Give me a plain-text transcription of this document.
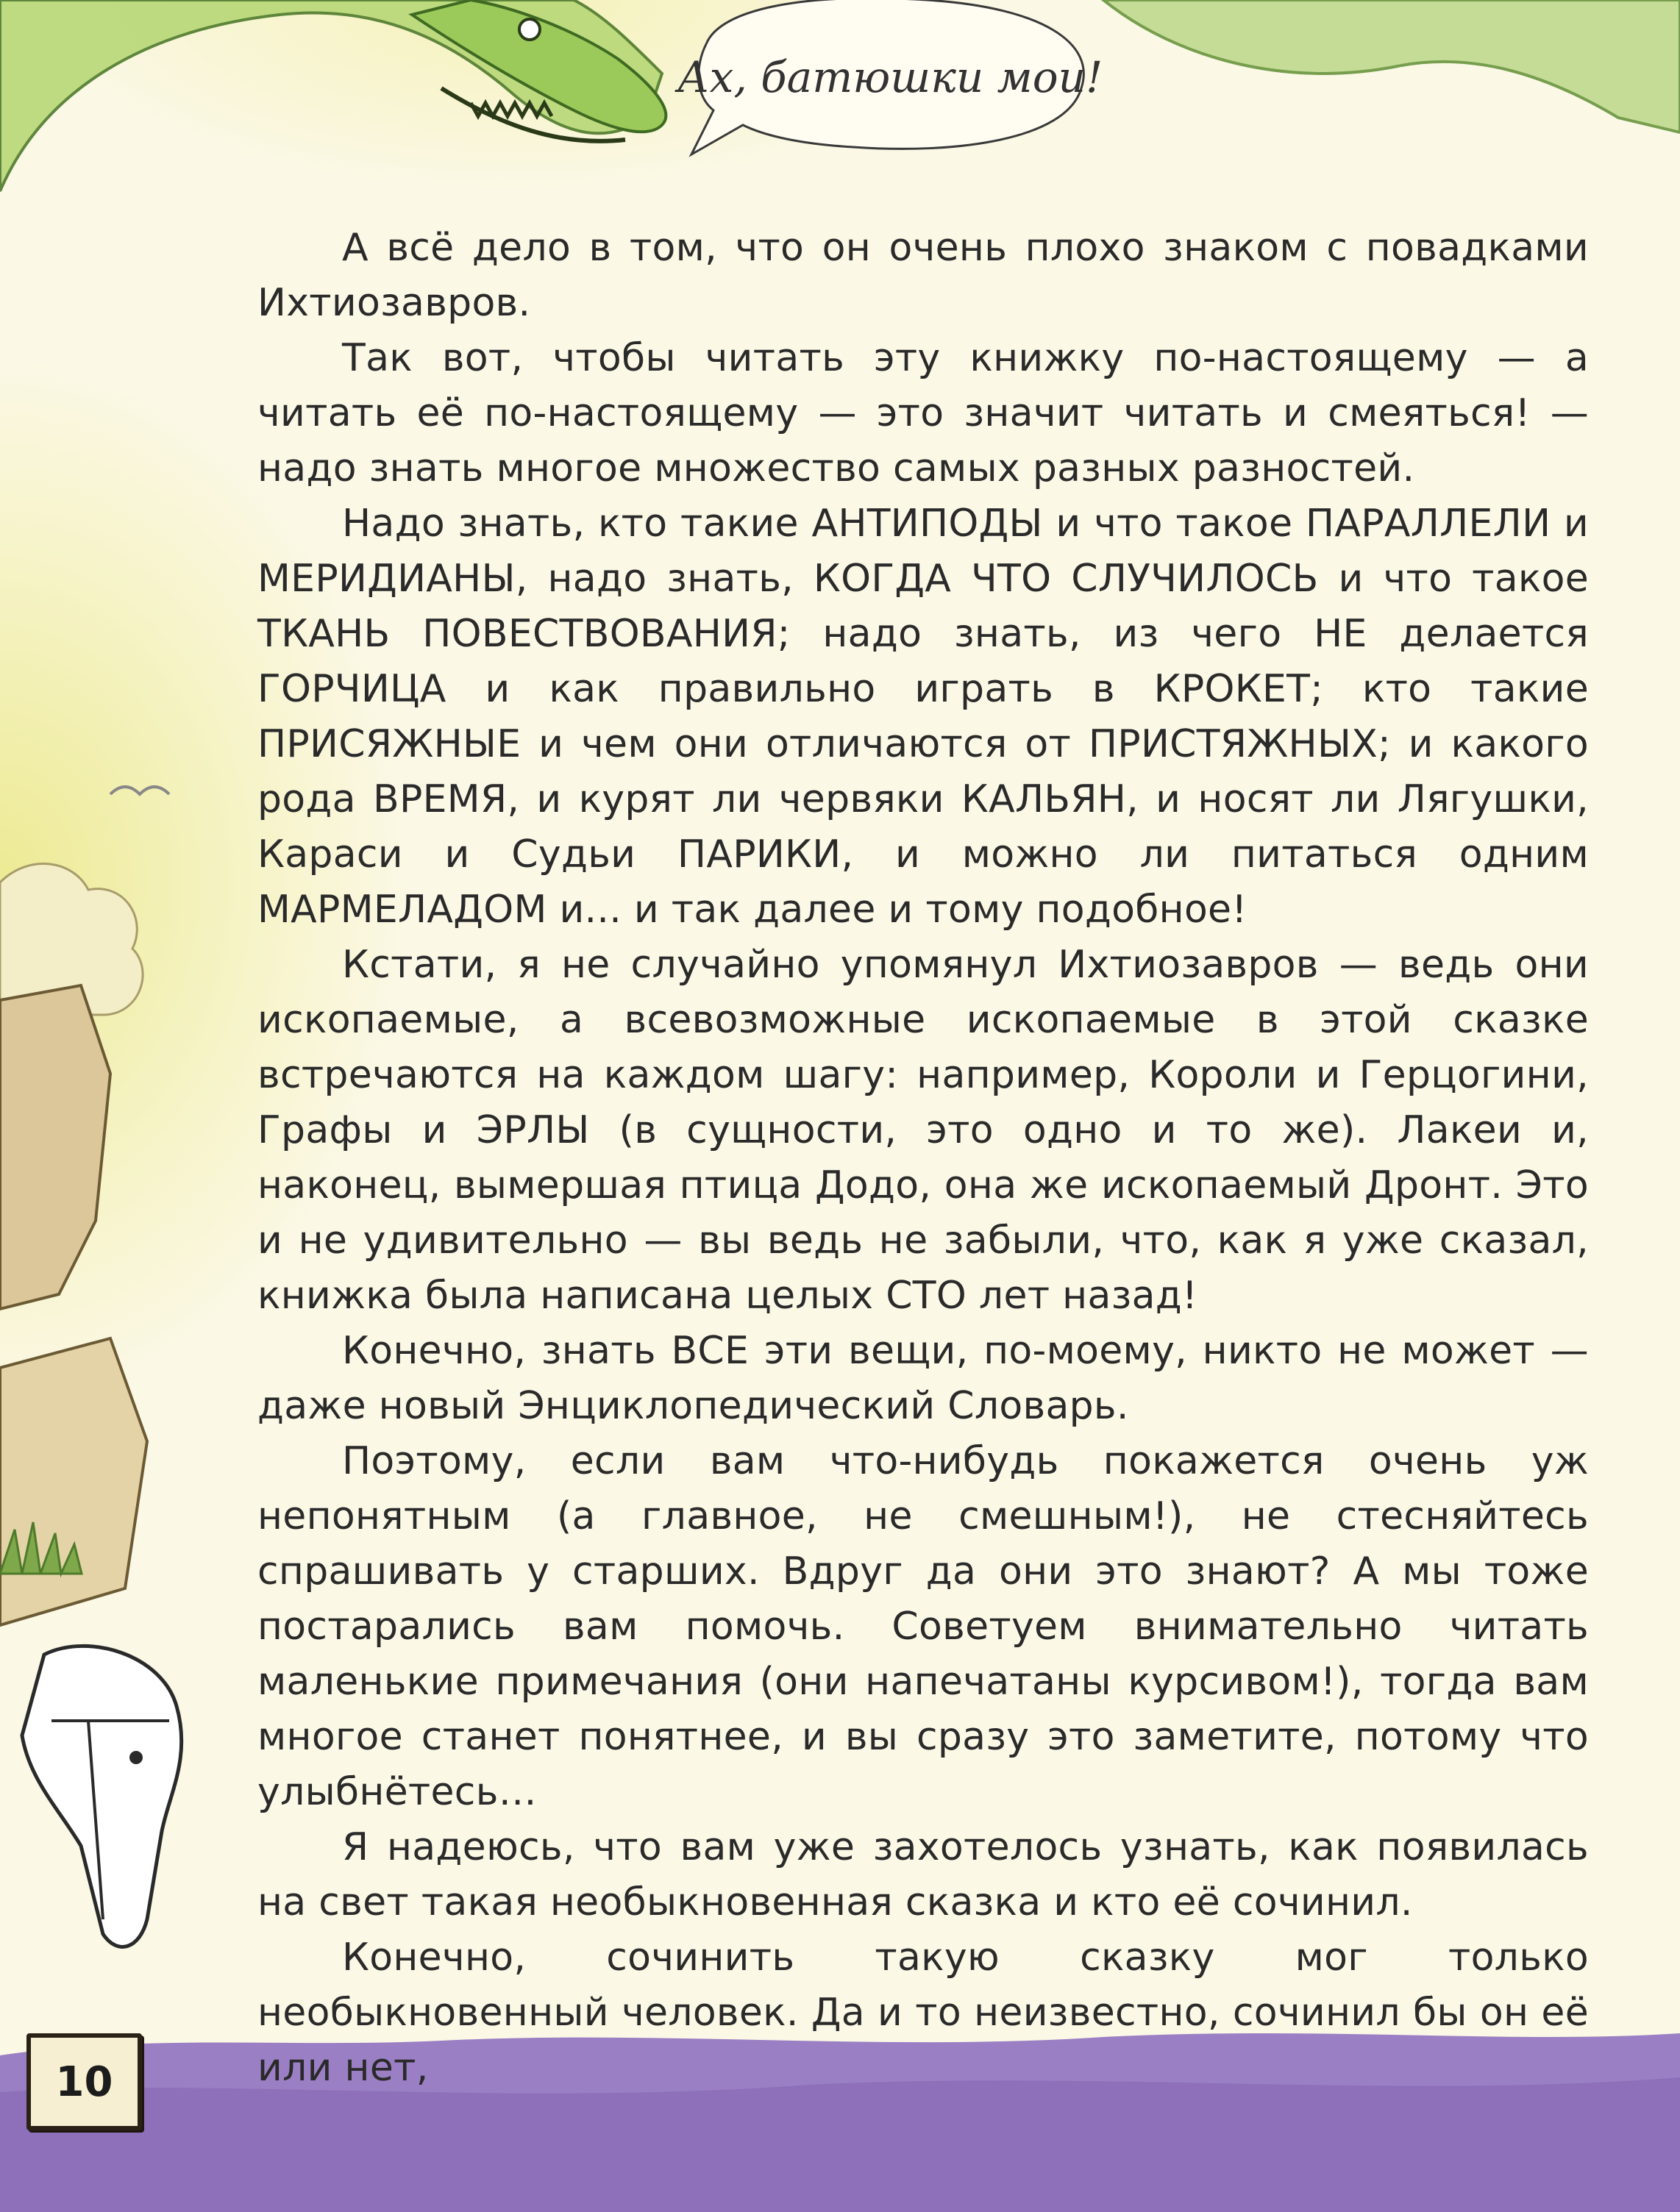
Ах, батюшки мои!

А всё дело в том, что он очень плохо знаком с повадками Ихтиозавров.

Так вот, чтобы читать эту книжку по-настоящему — а читать её по-настоящему — это значит читать и смеяться! — надо знать многое множество самых разных разностей.

Надо знать, кто такие АНТИПОДЫ и что такое ПАРАЛЛЕЛИ и МЕРИДИАНЫ, надо знать, КОГДА ЧТО СЛУЧИЛОСЬ и что такое ТКАНЬ ПОВЕСТВОВАНИЯ; надо знать, из чего НЕ делается ГОРЧИЦА и как правильно играть в КРОКЕТ; кто такие ПРИСЯЖНЫЕ и чем они отличаются от ПРИСТЯЖНЫХ; и какого рода ВРЕМЯ, и курят ли червяки КАЛЬЯН, и носят ли Лягушки, Караси и Судьи ПАРИКИ, и можно ли питаться одним МАРМЕЛАДОМ и... и так далее и тому подобное!

Кстати, я не случайно упомянул Ихтиозавров — ведь они ископаемые, а всевозможные ископаемые в этой сказке встречаются на каждом шагу: например, Короли и Герцогини, Графы и ЭРЛЫ (в сущности, это одно и то же). Лакеи и, наконец, вымершая птица Додо, она же ископаемый Дронт. Это и не удивительно — вы ведь не забыли, что, как я уже сказал, книжка была написана целых СТО лет назад!

Конечно, знать ВСЕ эти вещи, по-моему, никто не может — даже новый Энциклопедический Словарь.

Поэтому, если вам что-нибудь покажется очень уж непонятным (а главное, не смешным!), не стесняйтесь спрашивать у старших. Вдруг да они это знают? А мы тоже постарались вам помочь. Советуем внимательно читать маленькие примечания (они напечатаны курсивом!), тогда вам многое станет понятнее, и вы сразу это заметите, потому что улыбнётесь…

Я надеюсь, что вам уже захотелось узнать, как появилась на свет такая необыкновенная сказка и кто её сочинил.

Конечно, сочинить такую сказку мог только необыкновенный человек. Да и то неизвестно, сочинил бы он её или нет,

10
